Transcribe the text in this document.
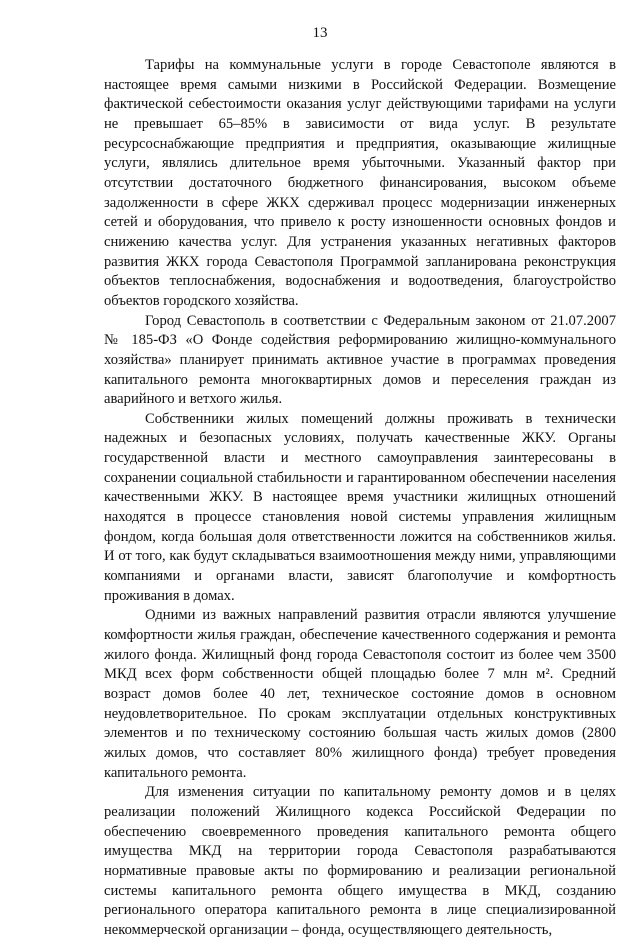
13

Тарифы на коммунальные услуги в городе Севастополе являются в настоящее время самыми низкими в Российской Федерации. Возмещение фактической себестоимости оказания услуг действующими тарифами на услуги не превышает 65–85% в зависимости от вида услуг. В результате ресурсоснабжающие предприятия и предприятия, оказывающие жилищные услуги, являлись длительное время убыточными. Указанный фактор при отсутствии достаточного бюджетного финансирования, высоком объеме задолженности в сфере ЖКХ сдерживал процесс модернизации инженерных сетей и оборудования, что привело к росту изношенности основных фондов и снижению качества услуг. Для устранения указанных негативных факторов развития ЖКХ города Севастополя Программой запланирована реконструкция объектов теплоснабжения, водоснабжения и водоотведения, благоустройство объектов городского хозяйства.

Город Севастополь в соответствии с Федеральным законом от 21.07.2007 № 185-ФЗ «О Фонде содействия реформированию жилищно-коммунального хозяйства» планирует принимать активное участие в программах проведения капитального ремонта многоквартирных домов и переселения граждан из аварийного и ветхого жилья.

Собственники жилых помещений должны проживать в технически надежных и безопасных условиях, получать качественные ЖКУ. Органы государственной власти и местного самоуправления заинтересованы в сохранении социальной стабильности и гарантированном обеспечении населения качественными ЖКУ. В настоящее время участники жилищных отношений находятся в процессе становления новой системы управления жилищным фондом, когда большая доля ответственности ложится на собственников жилья. И от того, как будут складываться взаимоотношения между ними, управляющими компаниями и органами власти, зависят благополучие и комфортность проживания в домах.

Одними из важных направлений развития отрасли являются улучшение комфортности жилья граждан, обеспечение качественного содержания и ремонта жилого фонда. Жилищный фонд города Севастополя состоит из более чем 3500 МКД всех форм собственности общей площадью более 7 млн м². Средний возраст домов более 40 лет, техническое состояние домов в основном неудовлетворительное. По срокам эксплуатации отдельных конструктивных элементов и по техническому состоянию большая часть жилых домов (2800 жилых домов, что составляет 80% жилищного фонда) требует проведения капитального ремонта.

Для изменения ситуации по капитальному ремонту домов и в целях реализации положений Жилищного кодекса Российской Федерации по обеспечению своевременного проведения капитального ремонта общего имущества МКД на территории города Севастополя разрабатываются нормативные правовые акты по формированию и реализации региональной системы капитального ремонта общего имущества в МКД, созданию регионального оператора капитального ремонта в лице специализированной некоммерческой организации – фонда, осуществляющего деятельность,
